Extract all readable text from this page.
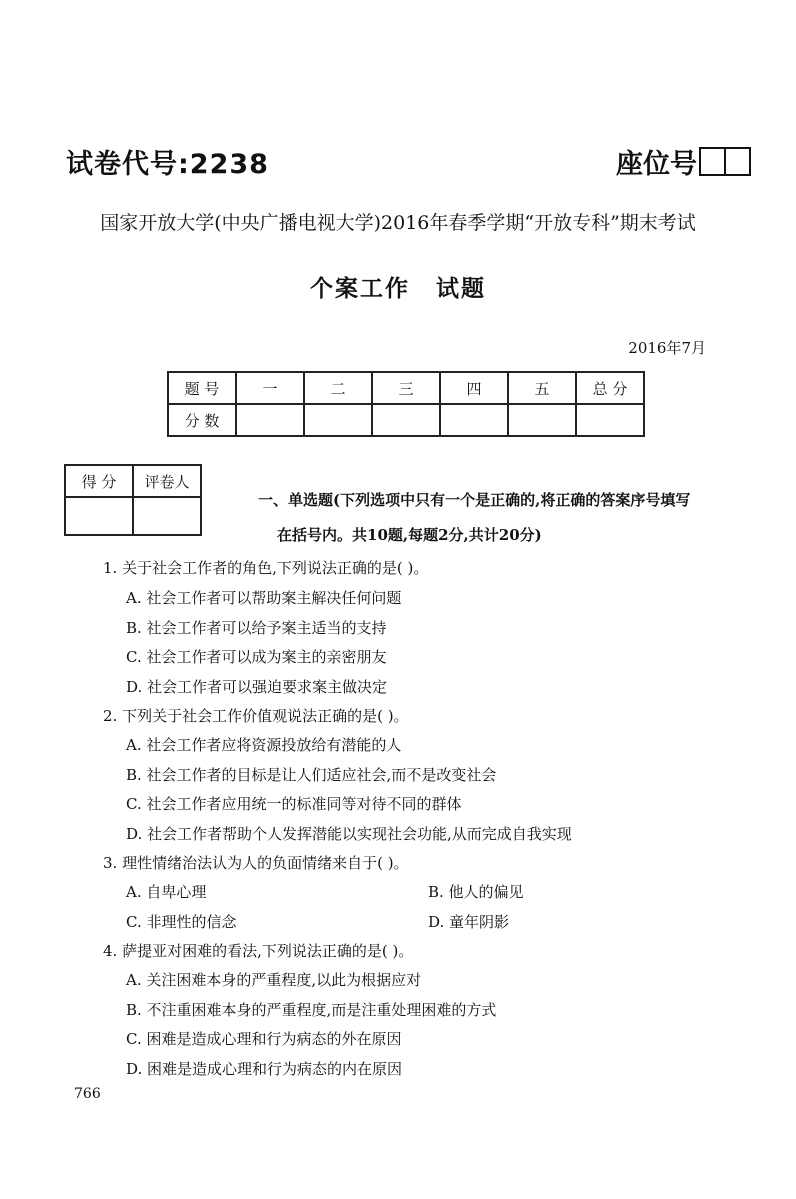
试卷代号:2238	座位号
国家开放大学(中央广播电视大学)2016年春季学期“开放专科”期末考试
个案工作 试题
2016年7月
题 号	一	二	三	四	五	总 分
分 数						
得 分	评卷人

一、单选题(下列选项中只有一个是正确的,将正确的答案序号填写
在括号内。共10题,每题2分,共计20分)
1. 关于社会工作者的角色,下列说法正确的是( )。
A. 社会工作者可以帮助案主解决任何问题
B. 社会工作者可以给予案主适当的支持
C. 社会工作者可以成为案主的亲密朋友
D. 社会工作者可以强迫要求案主做决定
2. 下列关于社会工作价值观说法正确的是( )。
A. 社会工作者应将资源投放给有潜能的人
B. 社会工作者的目标是让人们适应社会,而不是改变社会
C. 社会工作者应用统一的标准同等对待不同的群体
D. 社会工作者帮助个人发挥潜能以实现社会功能,从而完成自我实现
3. 理性情绪治法认为人的负面情绪来自于( )。
A. 自卑心理	B. 他人的偏见
C. 非理性的信念	D. 童年阴影
4. 萨提亚对困难的看法,下列说法正确的是( )。
A. 关注困难本身的严重程度,以此为根据应对
B. 不注重困难本身的严重程度,而是注重处理困难的方式
C. 困难是造成心理和行为病态的外在原因
D. 困难是造成心理和行为病态的内在原因
766
